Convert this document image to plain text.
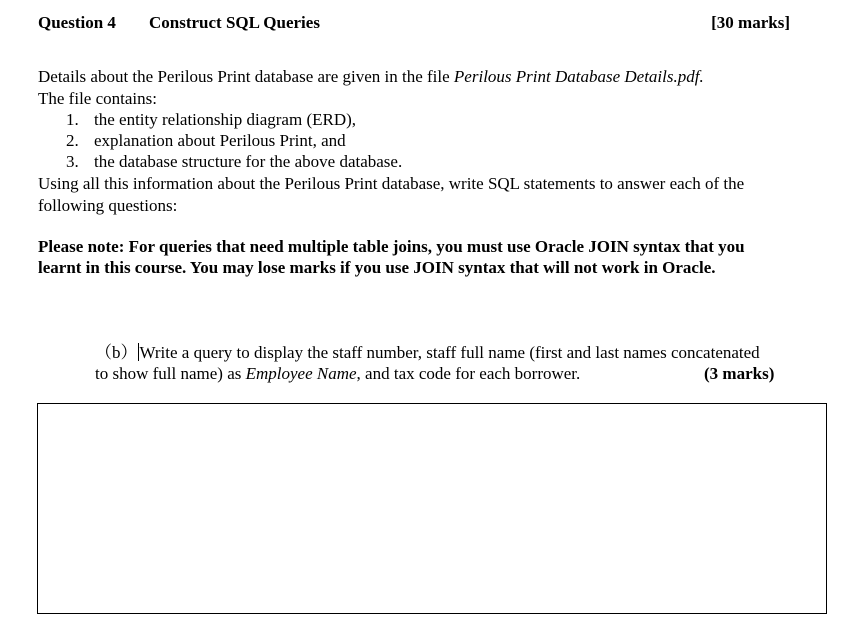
Question 4 Construct SQL Queries	[30 marks]
Details about the Perilous Print database are given in the file Perilous Print Database Details.pdf.
The file contains:
1. the entity relationship diagram (ERD),
2. explanation about Perilous Print, and
3. the database structure for the above database.
Using all this information about the Perilous Print database, write SQL statements to answer each of the
following questions:
Please note: For queries that need multiple table joins, you must use Oracle JOIN syntax that you
learnt in this course. You may lose marks if you use JOIN syntax that will not work in Oracle.
（b） Write a query to display the staff number, staff full name (first and last names concatenated
to show full name) as Employee Name, and tax code for each borrower.	(3 marks)
